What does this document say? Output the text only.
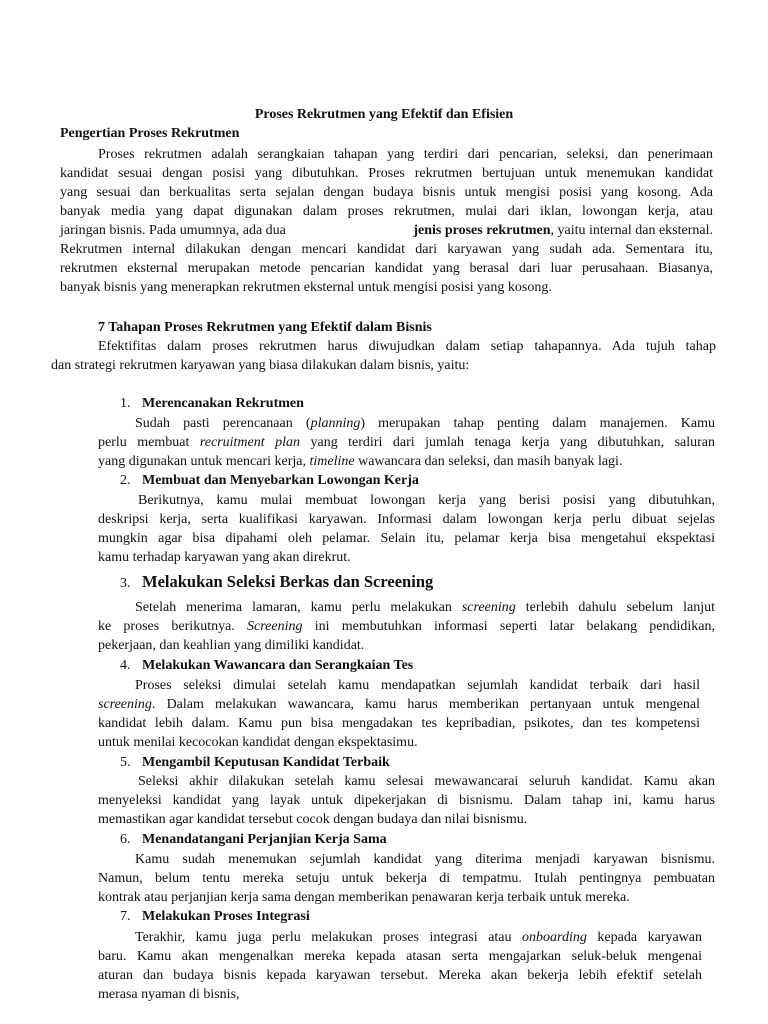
Proses Rekrutmen yang Efektif dan Efisien
Pengertian Proses Rekrutmen
Proses rekrutmen adalah serangkaian tahapan yang terdiri dari pencarian, seleksi, dan penerimaan
kandidat sesuai dengan posisi yang dibutuhkan. Proses rekrutmen bertujuan untuk menemukan kandidat
yang sesuai dan berkualitas serta sejalan dengan budaya bisnis untuk mengisi posisi yang kosong. Ada
banyak media yang dapat digunakan dalam proses rekrutmen, mulai dari iklan, lowongan kerja, atau
jaringan bisnis. Pada umumnya, ada dua	jenis proses rekrutmen, yaitu internal dan eksternal.
Rekrutmen internal dilakukan dengan mencari kandidat dari karyawan yang sudah ada. Sementara itu,
rekrutmen eksternal merupakan metode pencarian kandidat yang berasal dari luar perusahaan. Biasanya,
banyak bisnis yang menerapkan rekrutmen eksternal untuk mengisi posisi yang kosong.
7 Tahapan Proses Rekrutmen yang Efektif dalam Bisnis
Efektifitas dalam proses rekrutmen harus diwujudkan dalam setiap tahapannya. Ada tujuh tahap
dan strategi rekrutmen karyawan yang biasa dilakukan dalam bisnis, yaitu:
1. Merencanakan Rekrutmen
Sudah pasti perencanaan (planning) merupakan tahap penting dalam manajemen. Kamu
perlu membuat recruitment plan yang terdiri dari jumlah tenaga kerja yang dibutuhkan, saluran
yang digunakan untuk mencari kerja, timeline wawancara dan seleksi, dan masih banyak lagi.
2. Membuat dan Menyebarkan Lowongan Kerja
Berikutnya, kamu mulai membuat lowongan kerja yang berisi posisi yang dibutuhkan,
deskripsi kerja, serta kualifikasi karyawan. Informasi dalam lowongan kerja perlu dibuat sejelas
mungkin agar bisa dipahami oleh pelamar. Selain itu, pelamar kerja bisa mengetahui ekspektasi
kamu terhadap karyawan yang akan direkrut.
3. Melakukan Seleksi Berkas dan Screening
Setelah menerima lamaran, kamu perlu melakukan screening terlebih dahulu sebelum lanjut
ke proses berikutnya. Screening ini membutuhkan informasi seperti latar belakang pendidikan,
pekerjaan, dan keahlian yang dimiliki kandidat.
4. Melakukan Wawancara dan Serangkaian Tes
Proses seleksi dimulai setelah kamu mendapatkan sejumlah kandidat terbaik dari hasil
screening. Dalam melakukan wawancara, kamu harus memberikan pertanyaan untuk mengenal
kandidat lebih dalam. Kamu pun bisa mengadakan tes kepribadian, psikotes, dan tes kompetensi
untuk menilai kecocokan kandidat dengan ekspektasimu.
5. Mengambil Keputusan Kandidat Terbaik
Seleksi akhir dilakukan setelah kamu selesai mewawancarai seluruh kandidat. Kamu akan
menyeleksi kandidat yang layak untuk dipekerjakan di bisnismu. Dalam tahap ini, kamu harus
memastikan agar kandidat tersebut cocok dengan budaya dan nilai bisnismu.
6. Menandatangani Perjanjian Kerja Sama
Kamu sudah menemukan sejumlah kandidat yang diterima menjadi karyawan bisnismu.
Namun, belum tentu mereka setuju untuk bekerja di tempatmu. Itulah pentingnya pembuatan
kontrak atau perjanjian kerja sama dengan memberikan penawaran kerja terbaik untuk mereka.
7. Melakukan Proses Integrasi
Terakhir, kamu juga perlu melakukan proses integrasi atau onboarding kepada karyawan
baru. Kamu akan mengenalkan mereka kepada atasan serta mengajarkan seluk-beluk mengenai
aturan dan budaya bisnis kepada karyawan tersebut. Mereka akan bekerja lebih efektif setelah
merasa nyaman di bisnis,
